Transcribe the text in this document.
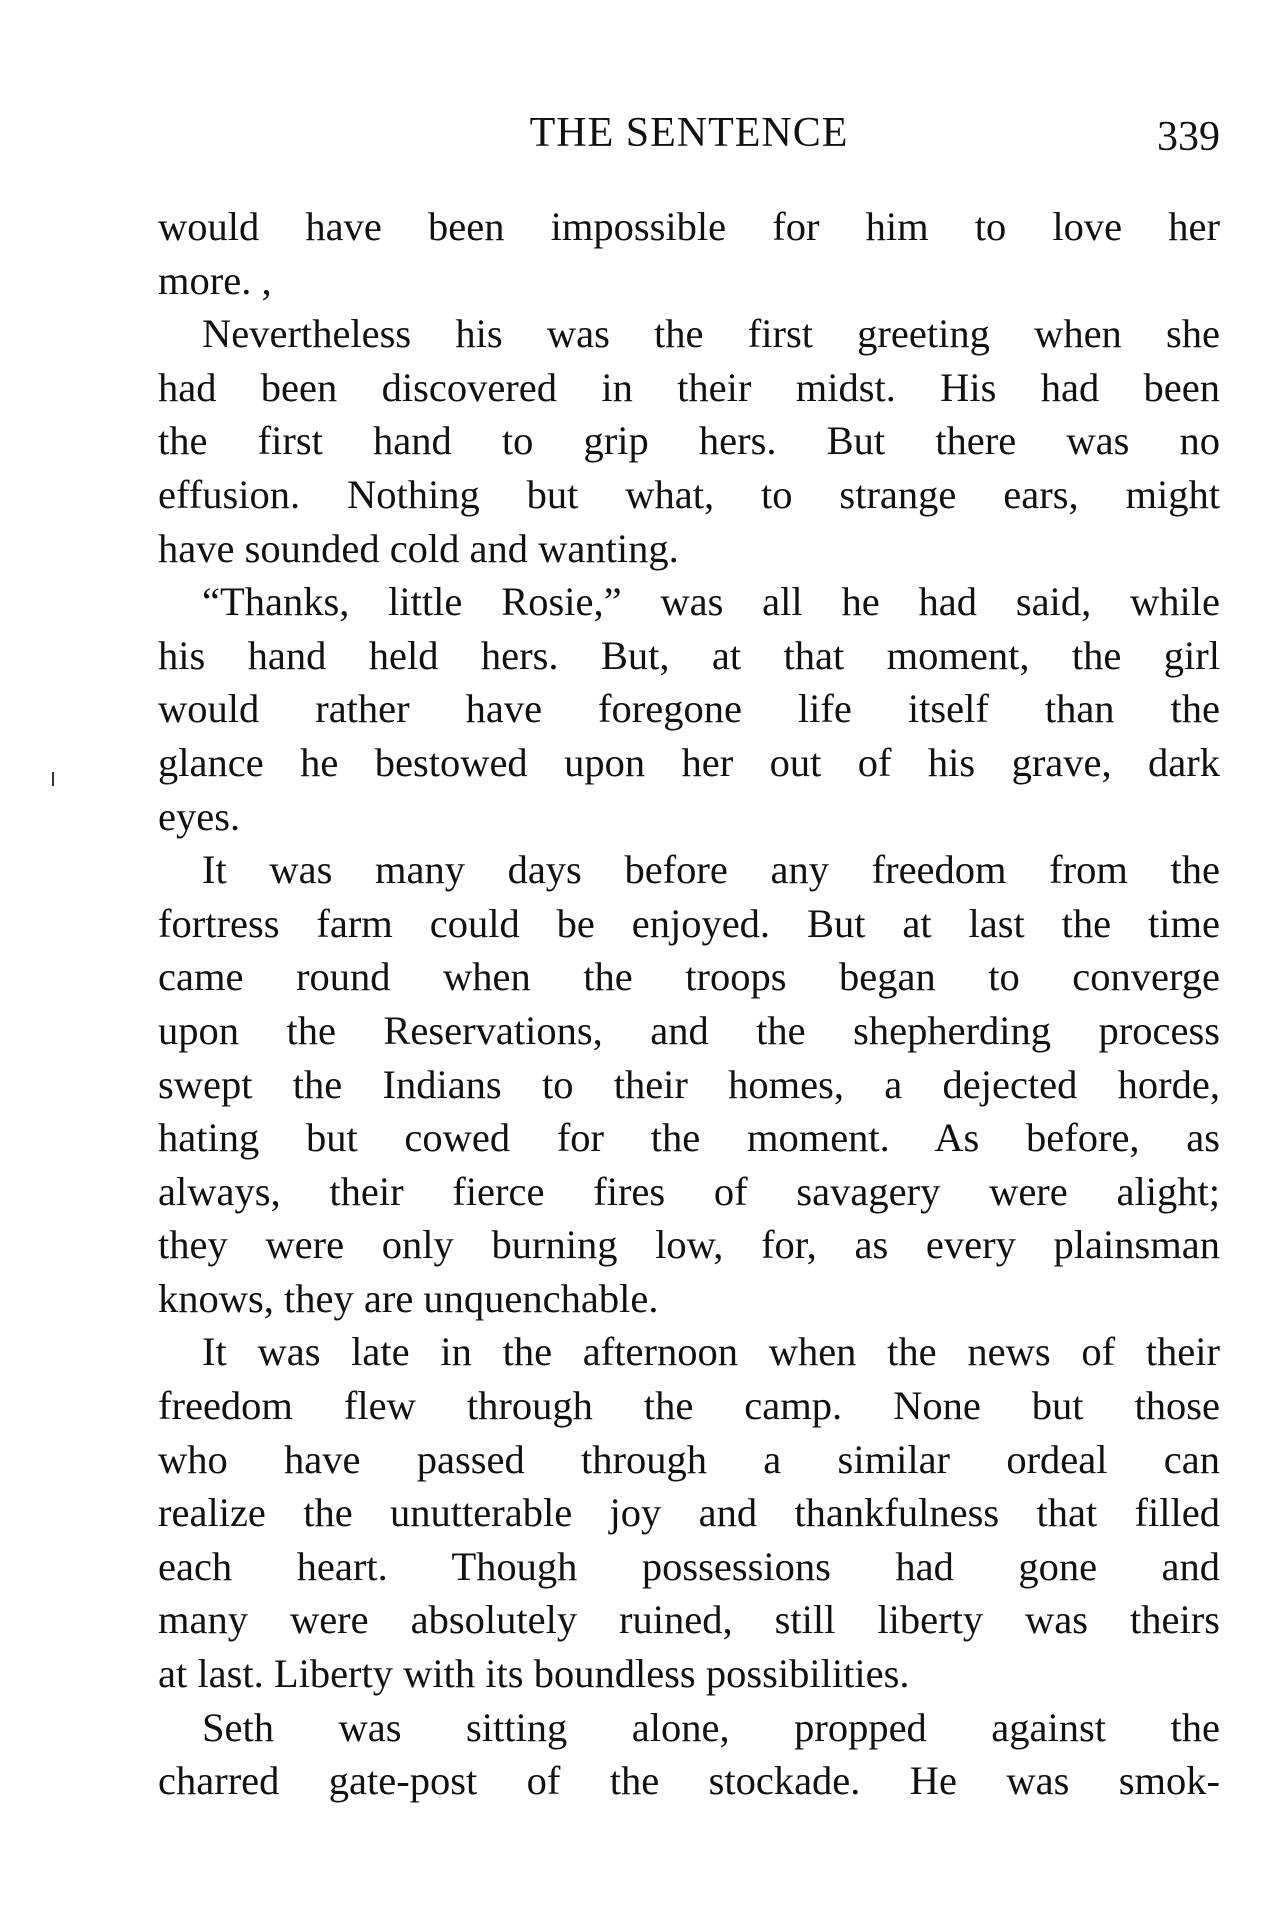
THE SENTENCE	339
would have been impossible for him to love her
more. ,
Nevertheless his was the first greeting when she
had been discovered in their midst. His had been
the first hand to grip hers. But there was no
effusion. Nothing but what, to strange ears, might
have sounded cold and wanting.
“Thanks, little Rosie,” was all he had said, while
his hand held hers. But, at that moment, the girl
would rather have foregone life itself than the
glance he bestowed upon her out of his grave, dark
eyes.
It was many days before any freedom from the
fortress farm could be enjoyed. But at last the time
came round when the troops began to converge
upon the Reservations, and the shepherding process
swept the Indians to their homes, a dejected horde,
hating but cowed for the moment. As before, as
always, their fierce fires of savagery were alight;
they were only burning low, for, as every plainsman
knows, they are unquenchable.
It was late in the afternoon when the news of their
freedom flew through the camp. None but those
who have passed through a similar ordeal can
realize the unutterable joy and thankfulness that filled
each heart. Though possessions had gone and
many were absolutely ruined, still liberty was theirs
at last. Liberty with its boundless possibilities.
Seth was sitting alone, propped against the
charred gate-post of the stockade. He was smok-
